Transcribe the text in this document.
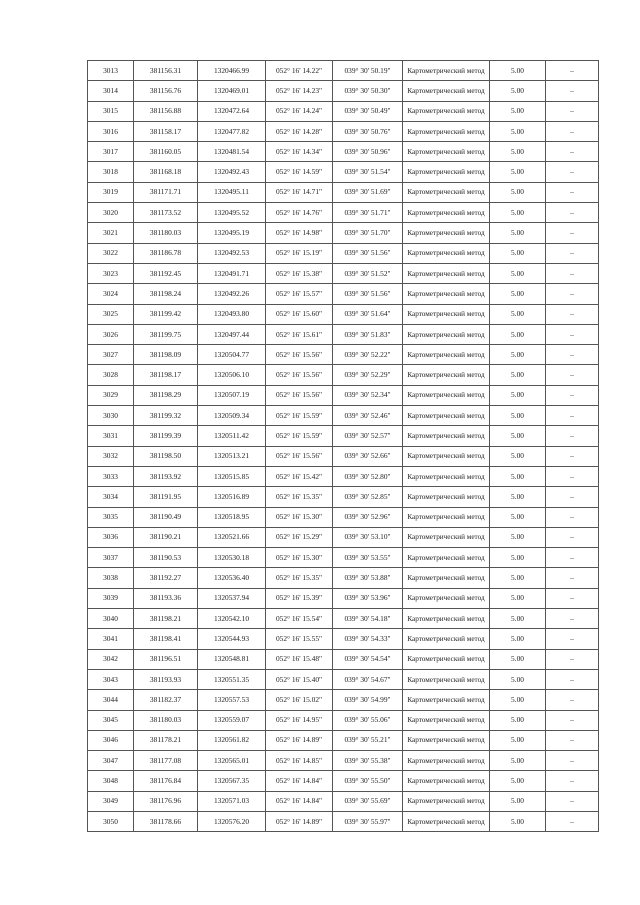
3013	381156.31	1320466.99	052° 16' 14.22"	039° 30' 50.19"	Картометрический метод	5.00	–
3014	381156.76	1320469.01	052° 16' 14.23"	039° 30' 50.30"	Картометрический метод	5.00	–
3015	381156.88	1320472.64	052° 16' 14.24"	039° 30' 50.49"	Картометрический метод	5.00	–
3016	381158.17	1320477.82	052° 16' 14.28"	039° 30' 50.76"	Картометрический метод	5.00	–
3017	381160.05	1320481.54	052° 16' 14.34"	039° 30' 50.96"	Картометрический метод	5.00	–
3018	381168.18	1320492.43	052° 16' 14.59"	039° 30' 51.54"	Картометрический метод	5.00	–
3019	381171.71	1320495.11	052° 16' 14.71"	039° 30' 51.69"	Картометрический метод	5.00	–
3020	381173.52	1320495.52	052° 16' 14.76"	039° 30' 51.71"	Картометрический метод	5.00	–
3021	381180.03	1320495.19	052° 16' 14.98"	039° 30' 51.70"	Картометрический метод	5.00	–
3022	381186.78	1320492.53	052° 16' 15.19"	039° 30' 51.56"	Картометрический метод	5.00	–
3023	381192.45	1320491.71	052° 16' 15.38"	039° 30' 51.52"	Картометрический метод	5.00	–
3024	381198.24	1320492.26	052° 16' 15.57"	039° 30' 51.56"	Картометрический метод	5.00	–
3025	381199.42	1320493.80	052° 16' 15.60"	039° 30' 51.64"	Картометрический метод	5.00	–
3026	381199.75	1320497.44	052° 16' 15.61"	039° 30' 51.83"	Картометрический метод	5.00	–
3027	381198.09	1320504.77	052° 16' 15.56"	039° 30' 52.22"	Картометрический метод	5.00	–
3028	381198.17	1320506.10	052° 16' 15.56"	039° 30' 52.29"	Картометрический метод	5.00	–
3029	381198.29	1320507.19	052° 16' 15.56"	039° 30' 52.34"	Картометрический метод	5.00	–
3030	381199.32	1320509.34	052° 16' 15.59"	039° 30' 52.46"	Картометрический метод	5.00	–
3031	381199.39	1320511.42	052° 16' 15.59"	039° 30' 52.57"	Картометрический метод	5.00	–
3032	381198.50	1320513.21	052° 16' 15.56"	039° 30' 52.66"	Картометрический метод	5.00	–
3033	381193.92	1320515.85	052° 16' 15.42"	039° 30' 52.80"	Картометрический метод	5.00	–
3034	381191.95	1320516.89	052° 16' 15.35"	039° 30' 52.85"	Картометрический метод	5.00	–
3035	381190.49	1320518.95	052° 16' 15.30"	039° 30' 52.96"	Картометрический метод	5.00	–
3036	381190.21	1320521.66	052° 16' 15.29"	039° 30' 53.10"	Картометрический метод	5.00	–
3037	381190.53	1320530.18	052° 16' 15.30"	039° 30' 53.55"	Картометрический метод	5.00	–
3038	381192.27	1320536.40	052° 16' 15.35"	039° 30' 53.88"	Картометрический метод	5.00	–
3039	381193.36	1320537.94	052° 16' 15.39"	039° 30' 53.96"	Картометрический метод	5.00	–
3040	381198.21	1320542.10	052° 16' 15.54"	039° 30' 54.18"	Картометрический метод	5.00	–
3041	381198.41	1320544.93	052° 16' 15.55"	039° 30' 54.33"	Картометрический метод	5.00	–
3042	381196.51	1320548.81	052° 16' 15.48"	039° 30' 54.54"	Картометрический метод	5.00	–
3043	381193.93	1320551.35	052° 16' 15.40"	039° 30' 54.67"	Картометрический метод	5.00	–
3044	381182.37	1320557.53	052° 16' 15.02"	039° 30' 54.99"	Картометрический метод	5.00	–
3045	381180.03	1320559.07	052° 16' 14.95"	039° 30' 55.06"	Картометрический метод	5.00	–
3046	381178.21	1320561.82	052° 16' 14.89"	039° 30' 55.21"	Картометрический метод	5.00	–
3047	381177.08	1320565.01	052° 16' 14.85"	039° 30' 55.38"	Картометрический метод	5.00	–
3048	381176.84	1320567.35	052° 16' 14.84"	039° 30' 55.50"	Картометрический метод	5.00	–
3049	381176.96	1320571.03	052° 16' 14.84"	039° 30' 55.69"	Картометрический метод	5.00	–
3050	381178.66	1320576.20	052° 16' 14.89"	039° 30' 55.97"	Картометрический метод	5.00	–
